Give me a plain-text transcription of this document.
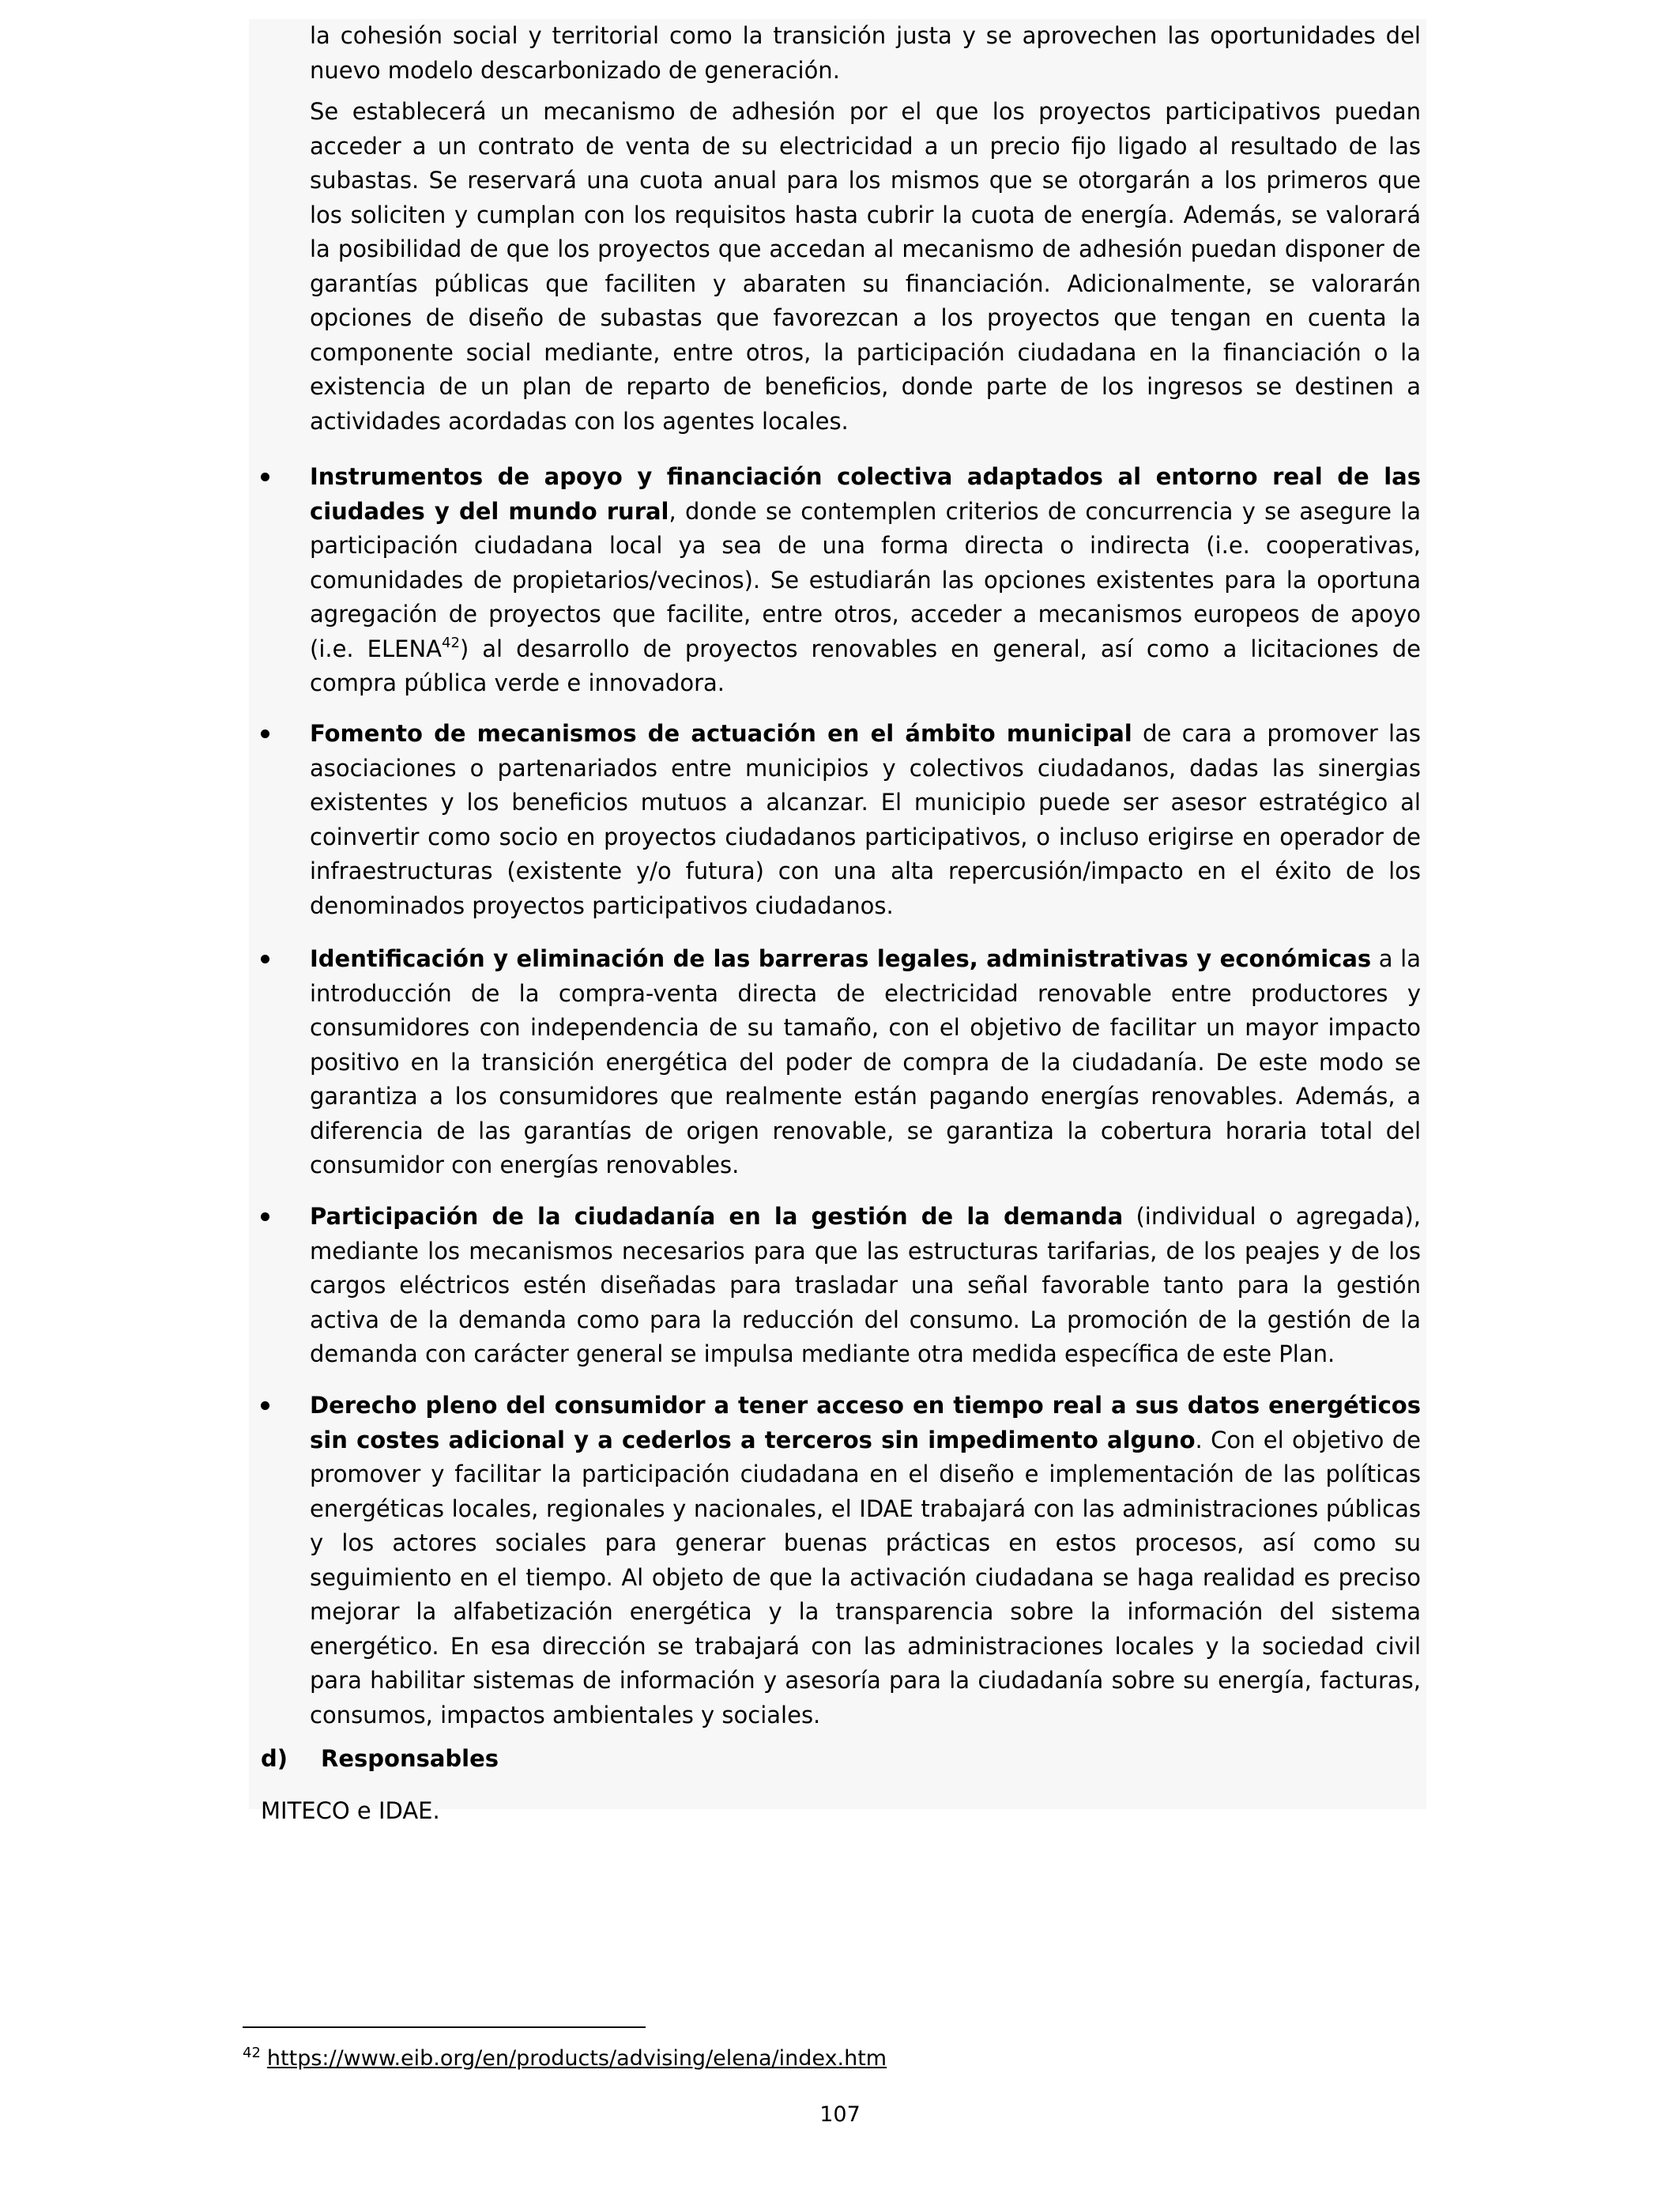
la cohesión social y territorial como la transición justa y se aprovechen las oportunidades del nuevo modelo descarbonizado de generación.

Se establecerá un mecanismo de adhesión por el que los proyectos participativos puedan acceder a un contrato de venta de su electricidad a un precio fijo ligado al resultado de las subastas. Se reservará una cuota anual para los mismos que se otorgarán a los primeros que los soliciten y cumplan con los requisitos hasta cubrir la cuota de energía. Además, se valorará la posibilidad de que los proyectos que accedan al mecanismo de adhesión puedan disponer de garantías públicas que faciliten y abaraten su financiación. Adicionalmente, se valorarán opciones de diseño de subastas que favorezcan a los proyectos que tengan en cuenta la componente social mediante, entre otros, la participación ciudadana en la financiación o la existencia de un plan de reparto de beneficios, donde parte de los ingresos se destinen a actividades acordadas con los agentes locales.

Instrumentos de apoyo y financiación colectiva adaptados al entorno real de las ciudades y del mundo rural, donde se contemplen criterios de concurrencia y se asegure la participación ciudadana local ya sea de una forma directa o indirecta (i.e. cooperativas, comunidades de propietarios/vecinos). Se estudiarán las opciones existentes para la oportuna agregación de proyectos que facilite, entre otros, acceder a mecanismos europeos de apoyo (i.e. ELENA$^{42}$) al desarrollo de proyectos renovables en general, así como a licitaciones de compra pública verde e innovadora.

Fomento de mecanismos de actuación en el ámbito municipal de cara a promover las asociaciones o partenariados entre municipios y colectivos ciudadanos, dadas las sinergias existentes y los beneficios mutuos a alcanzar. El municipio puede ser asesor estratégico al coinvertir como socio en proyectos ciudadanos participativos, o incluso erigirse en operador de infraestructuras (existente y/o futura) con una alta repercusión/impacto en el éxito de los denominados proyectos participativos ciudadanos.

Identificación y eliminación de las barreras legales, administrativas y económicas a la introducción de la compra-venta directa de electricidad renovable entre productores y consumidores con independencia de su tamaño, con el objetivo de facilitar un mayor impacto positivo en la transición energética del poder de compra de la ciudadanía. De este modo se garantiza a los consumidores que realmente están pagando energías renovables. Además, a diferencia de las garantías de origen renovable, se garantiza la cobertura horaria total del consumidor con energías renovables.

Participación de la ciudadanía en la gestión de la demanda (individual o agregada), mediante los mecanismos necesarios para que las estructuras tarifarias, de los peajes y de los cargos eléctricos estén diseñadas para trasladar una señal favorable tanto para la gestión activa de la demanda como para la reducción del consumo. La promoción de la gestión de la demanda con carácter general se impulsa mediante otra medida específica de este Plan.

Derecho pleno del consumidor a tener acceso en tiempo real a sus datos energéticos sin costes adicional y a cederlos a terceros sin impedimento alguno. Con el objetivo de promover y facilitar la participación ciudadana en el diseño e implementación de las políticas energéticas locales, regionales y nacionales, el IDAE trabajará con las administraciones públicas y los actores sociales para generar buenas prácticas en estos procesos, así como su seguimiento en el tiempo. Al objeto de que la activación ciudadana se haga realidad es preciso mejorar la alfabetización energética y la transparencia sobre la información del sistema energético. En esa dirección se trabajará con las administraciones locales y la sociedad civil para habilitar sistemas de información y asesoría para la ciudadanía sobre su energía, facturas, consumos, impactos ambientales y sociales.

d) Responsables

MITECO e IDAE.

$^{42}$ https://www.eib.org/en/products/advising/elena/index.htm
107
